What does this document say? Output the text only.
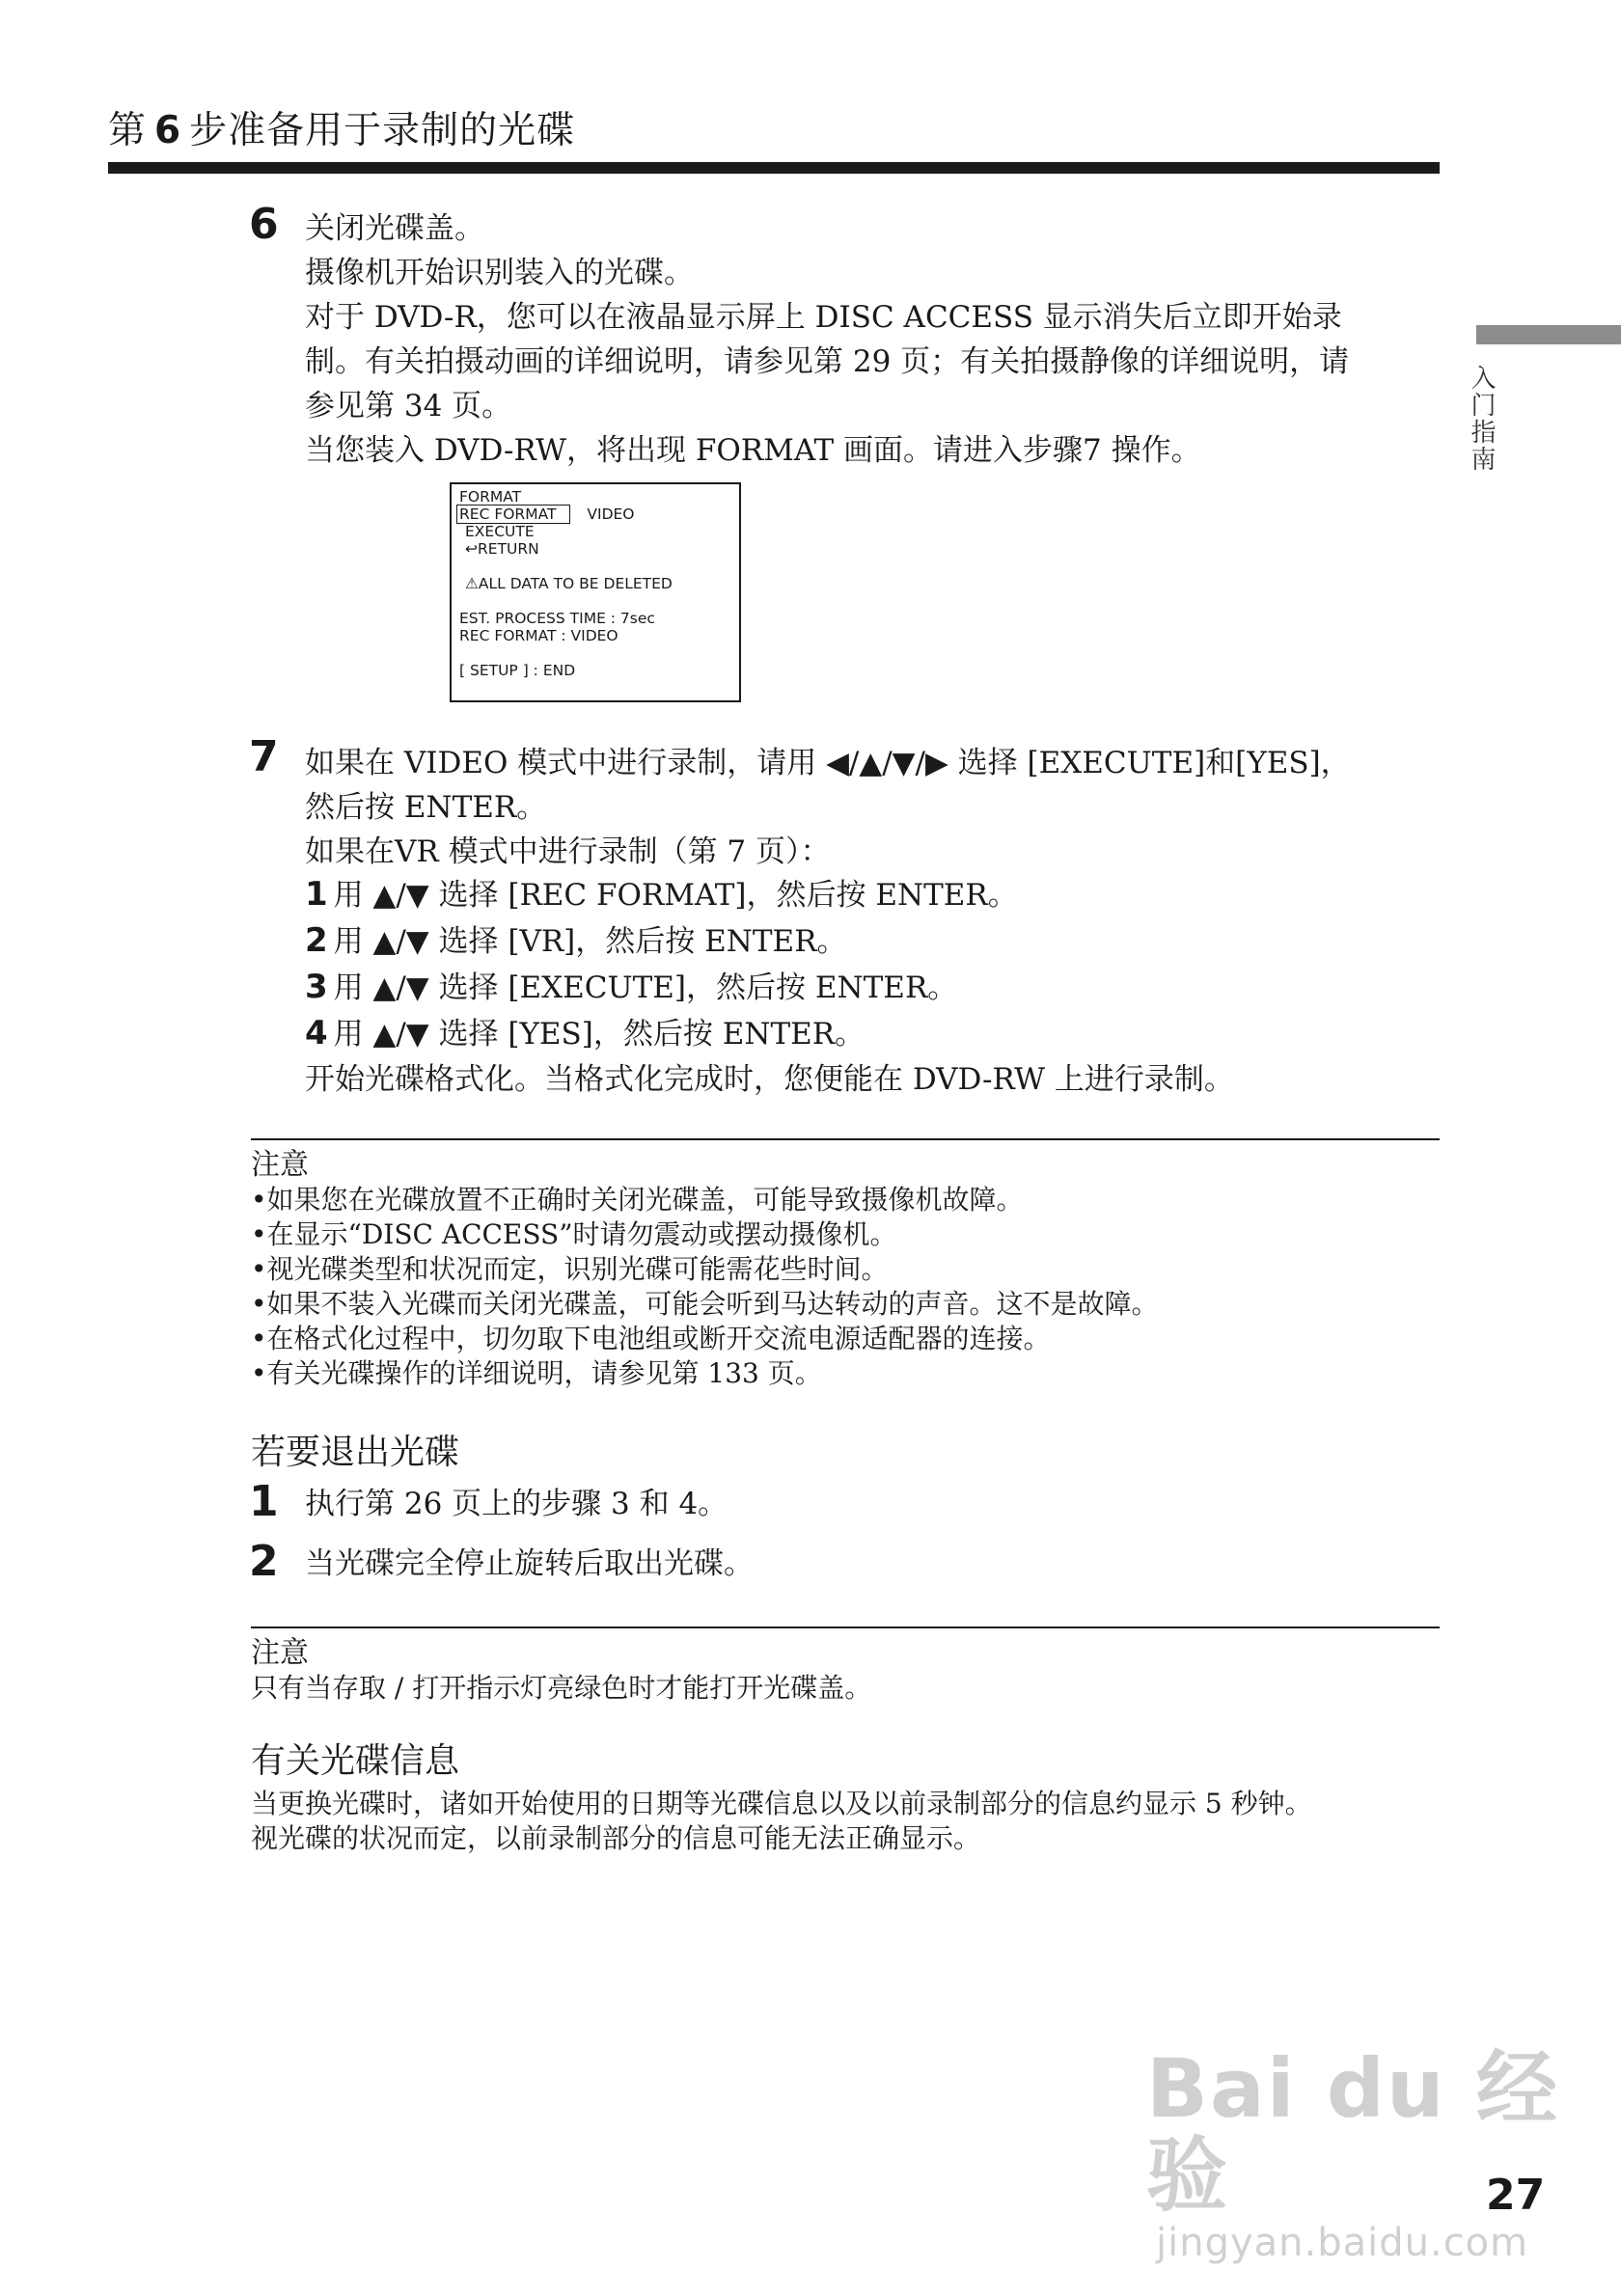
第 6 步准备用于录制的光碟
入门指南
6 关闭光碟盖。
摄像机开始识别装入的光碟。
对于 DVD-R，您可以在液晶显示屏上 DISC ACCESS 显示消失后立即开始录
制。有关拍摄动画的详细说明，请参见第 29 页；有关拍摄静像的详细说明，请
参见第 34 页。
当您装入 DVD-RW，将出现 FORMAT 画面。请进入步骤7 操作。
FORMAT
REC FORMAT VIDEO
EXECUTE
↩RETURN
⚠ALL DATA TO BE DELETED
EST. PROCESS TIME : 7sec
REC FORMAT : VIDEO
[ SETUP ] : END
7 如果在 VIDEO 模式中进行录制，请用 ◀/▲/▼/▶ 选择 [EXECUTE]和[YES]，
然后按 ENTER。
如果在VR 模式中进行录制（第 7 页）：
1 用 ▲/▼ 选择 [REC FORMAT]，然后按 ENTER。
2 用 ▲/▼ 选择 [VR]，然后按 ENTER。
3 用 ▲/▼ 选择 [EXECUTE]，然后按 ENTER。
4 用 ▲/▼ 选择 [YES]，然后按 ENTER。
开始光碟格式化。当格式化完成时，您便能在 DVD-RW 上进行录制。
注意
•如果您在光碟放置不正确时关闭光碟盖，可能导致摄像机故障。
•在显示“DISC ACCESS”时请勿震动或摆动摄像机。
•视光碟类型和状况而定，识别光碟可能需花些时间。
•如果不装入光碟而关闭光碟盖，可能会听到马达转动的声音。这不是故障。
•在格式化过程中，切勿取下电池组或断开交流电源适配器的连接。
•有关光碟操作的详细说明，请参见第 133 页。
若要退出光碟
1 执行第 26 页上的步骤 3 和 4。
2 当光碟完全停止旋转后取出光碟。
注意
只有当存取 / 打开指示灯亮绿色时才能打开光碟盖。
有关光碟信息
当更换光碟时，诸如开始使用的日期等光碟信息以及以前录制部分的信息约显示 5 秒钟。
视光碟的状况而定，以前录制部分的信息可能无法正确显示。
Bai du 经验
jingyan.baidu.com
27
